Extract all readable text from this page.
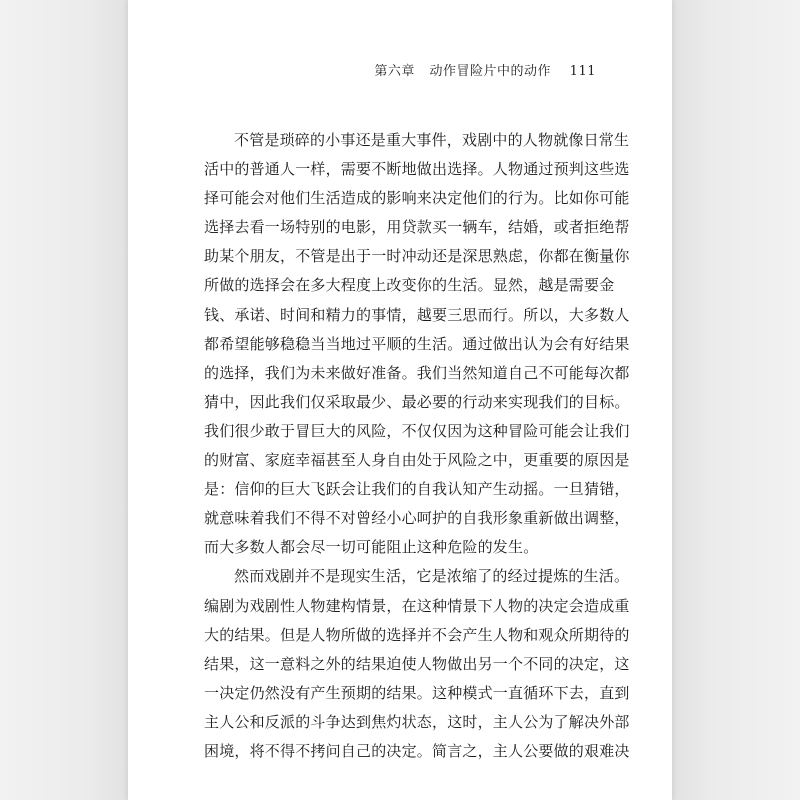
第六章 动作冒险片中的动作 111
不管是琐碎的小事还是重大事件，戏剧中的人物就像日常生
活中的普通人一样，需要不断地做出选择。人物通过预判这些选
择可能会对他们生活造成的影响来决定他们的行为。比如你可能
选择去看一场特别的电影，用贷款买一辆车，结婚，或者拒绝帮
助某个朋友，不管是出于一时冲动还是深思熟虑，你都在衡量你
所做的选择会在多大程度上改变你的生活。显然，越是需要金
钱、承诺、时间和精力的事情，越要三思而行。所以，大多数人
都希望能够稳稳当当地过平顺的生活。通过做出认为会有好结果
的选择，我们为未来做好准备。我们当然知道自己不可能每次都
猜中，因此我们仅采取最少、最必要的行动来实现我们的目标。
我们很少敢于冒巨大的风险，不仅仅因为这种冒险可能会让我们
的财富、家庭幸福甚至人身自由处于风险之中，更重要的原因是
是：信仰的巨大飞跃会让我们的自我认知产生动摇。一旦猜错，
就意味着我们不得不对曾经小心呵护的自我形象重新做出调整，
而大多数人都会尽一切可能阻止这种危险的发生。
然而戏剧并不是现实生活，它是浓缩了的经过提炼的生活。
编剧为戏剧性人物建构情景，在这种情景下人物的决定会造成重
大的结果。但是人物所做的选择并不会产生人物和观众所期待的
结果，这一意料之外的结果迫使人物做出另一个不同的决定，这
一决定仍然没有产生预期的结果。这种模式一直循环下去，直到
主人公和反派的斗争达到焦灼状态，这时，主人公为了解决外部
困境，将不得不拷问自己的决定。简言之，主人公要做的艰难决
